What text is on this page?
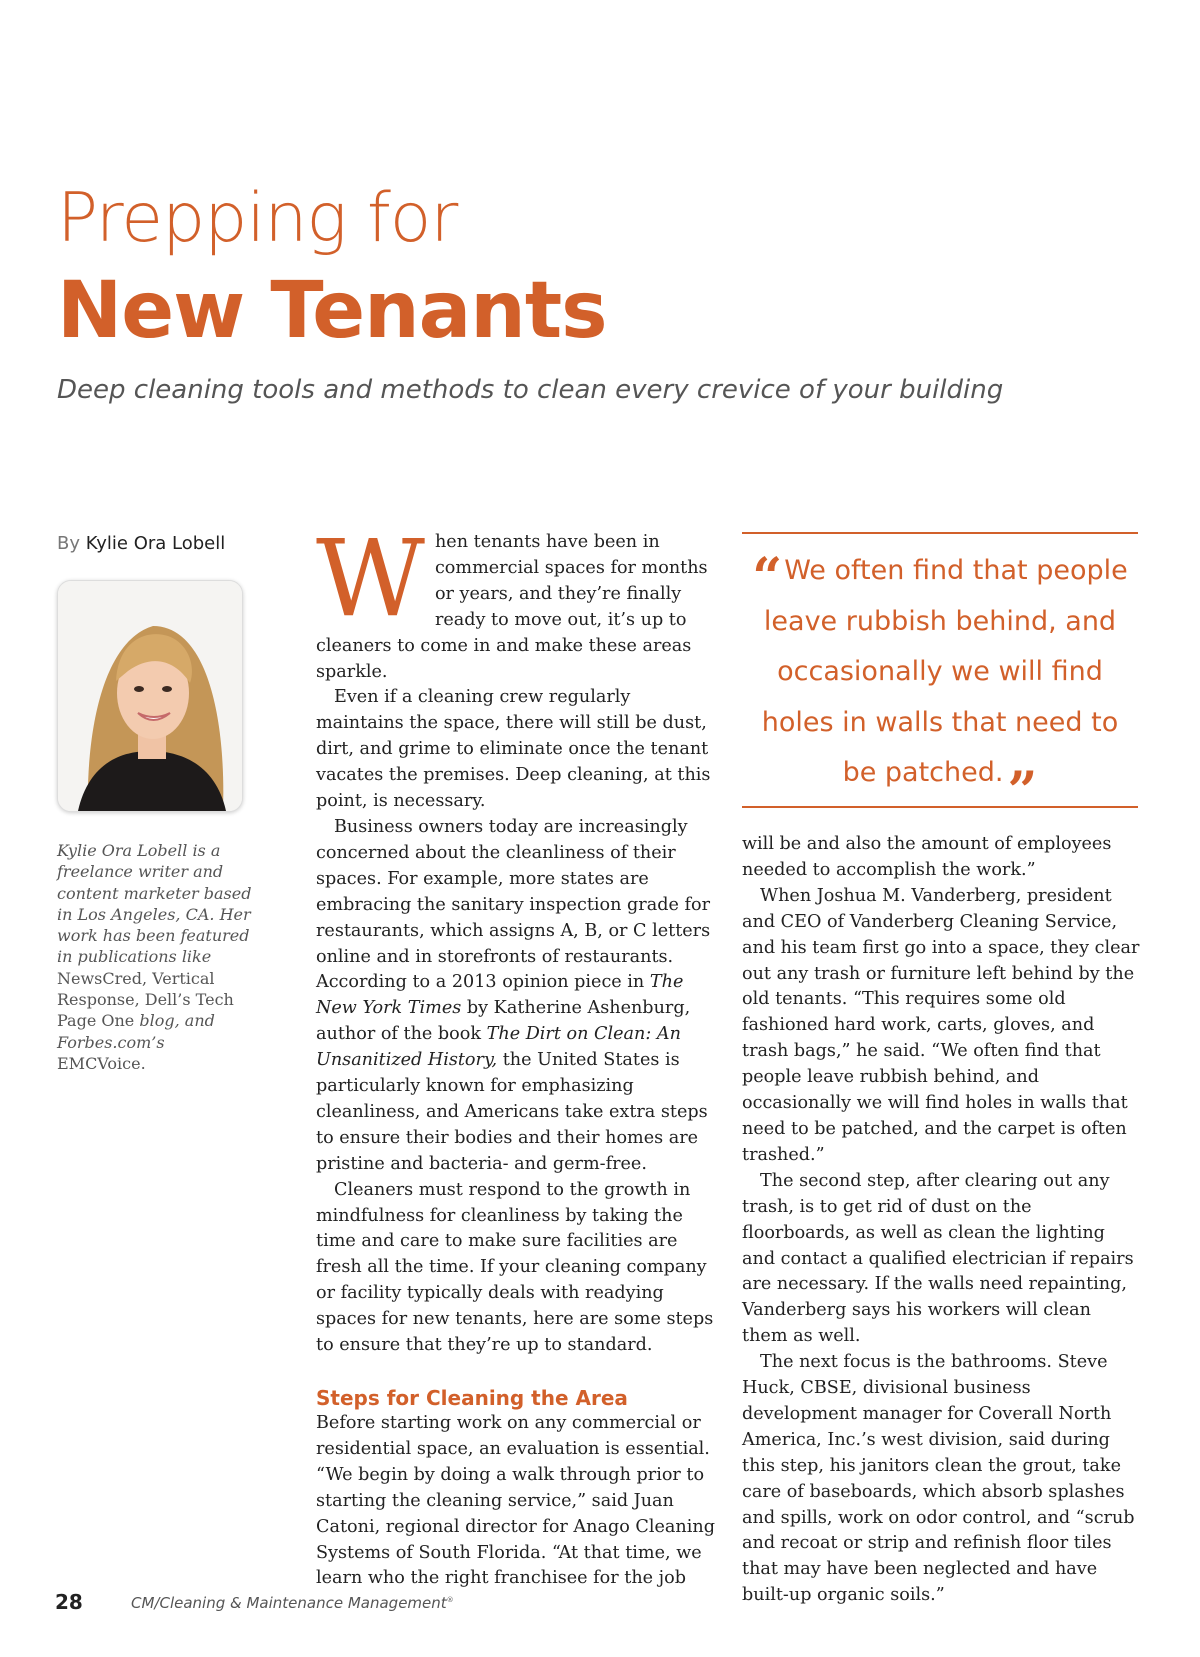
Prepping for
New Tenants

Deep cleaning tools and methods to clean every crevice of your building

By Kylie Ora Lobell
Kylie Ora Lobell is a freelance writer and content marketer based in Los Angeles, CA. Her work has been featured in publications like NewsCred, Vertical Response, Dell’s Tech Page One blog, and Forbes.com’s EMCVoice.
W hen tenants have been in commercial spaces for months or years, and they’re finally ready to move out, it’s up to cleaners to come in and make these areas sparkle.

Even if a cleaning crew regularly maintains the space, there will still be dust, dirt, and grime to eliminate once the tenant vacates the premises. Deep cleaning, at this point, is necessary.

Business owners today are increasingly concerned about the cleanliness of their spaces. For example, more states are embracing the sanitary inspection grade for restaurants, which assigns A, B, or C letters online and in storefronts of restaurants. According to a 2013 opinion piece in The New York Times by Katherine Ashenburg, author of the book The Dirt on Clean: An Unsanitized History, the United States is particularly known for emphasizing cleanliness, and Americans take extra steps to ensure their bodies and their homes are pristine and bacteria- and germ-free.

Cleaners must respond to the growth in mindfulness for cleanliness by taking the time and care to make sure facilities are fresh all the time. If your cleaning company or facility typically deals with readying spaces for new tenants, here are some steps to ensure that they’re up to standard.

Steps for Cleaning the Area

Before starting work on any commercial or residential space, an evaluation is essential. “We begin by doing a walk through prior to starting the cleaning service,” said Juan Catoni, regional director for Anago Cleaning Systems of South Florida. “At that time, we learn who the right franchisee for the job

“We often find that people leave rubbish behind, and occasionally we will find holes in walls that need to be patched.”

will be and also the amount of employees needed to accomplish the work.”

When Joshua M. Vanderberg, president and CEO of Vanderberg Cleaning Service, and his team first go into a space, they clear out any trash or furniture left behind by the old tenants. “This requires some old fashioned hard work, carts, gloves, and trash bags,” he said. “We often find that people leave rubbish behind, and occasionally we will find holes in walls that need to be patched, and the carpet is often trashed.”

The second step, after clearing out any trash, is to get rid of dust on the floorboards, as well as clean the lighting and contact a qualified electrician if repairs are necessary. If the walls need repainting, Vanderberg says his workers will clean them as well.

The next focus is the bathrooms. Steve Huck, CBSE, divisional business development manager for Coverall North America, Inc.’s west division, said during this step, his janitors clean the grout, take care of baseboards, which absorb splashes and spills, work on odor control, and “scrub and recoat or strip and refinish floor tiles that may have been neglected and have built-up organic soils.”

28	CM/Cleaning & Maintenance Management®
